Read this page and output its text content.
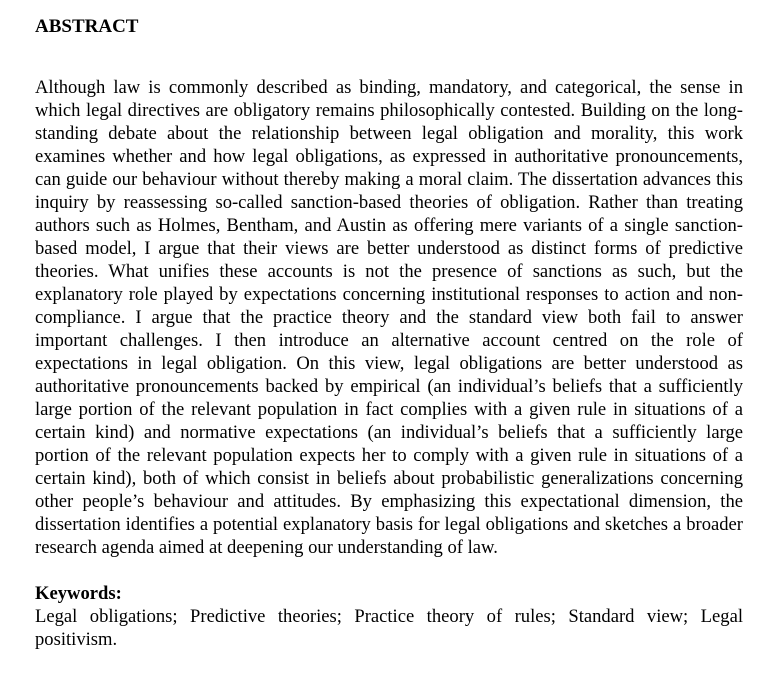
ABSTRACT

Although law is commonly described as binding, mandatory, and categorical, the sense in which legal directives are obligatory remains philosophically contested. Building on the long-standing debate about the relationship between legal obligation and morality, this work examines whether and how legal obligations, as expressed in authoritative pronouncements, can guide our behaviour without thereby making a moral claim. The dissertation advances this inquiry by reassessing so-called sanction-based theories of obligation. Rather than treating authors such as Holmes, Bentham, and Austin as offering mere variants of a single sanction-based model, I argue that their views are better understood as distinct forms of predictive theories. What unifies these accounts is not the presence of sanctions as such, but the explanatory role played by expectations concerning institutional responses to action and non-compliance. I argue that the practice theory and the standard view both fail to answer important challenges. I then introduce an alternative account centred on the role of expectations in legal obligation. On this view, legal obligations are better understood as authoritative pronouncements backed by empirical (an individual’s beliefs that a sufficiently large portion of the relevant population in fact complies with a given rule in situations of a certain kind) and normative expectations (an individual’s beliefs that a sufficiently large portion of the relevant population expects her to comply with a given rule in situations of a certain kind), both of which consist in beliefs about probabilistic generalizations concerning other people’s behaviour and attitudes. By emphasizing this expectational dimension, the dissertation identifies a potential explanatory basis for legal obligations and sketches a broader research agenda aimed at deepening our understanding of law.

Keywords:

Legal obligations; Predictive theories; Practice theory of rules; Standard view; Legal positivism.
